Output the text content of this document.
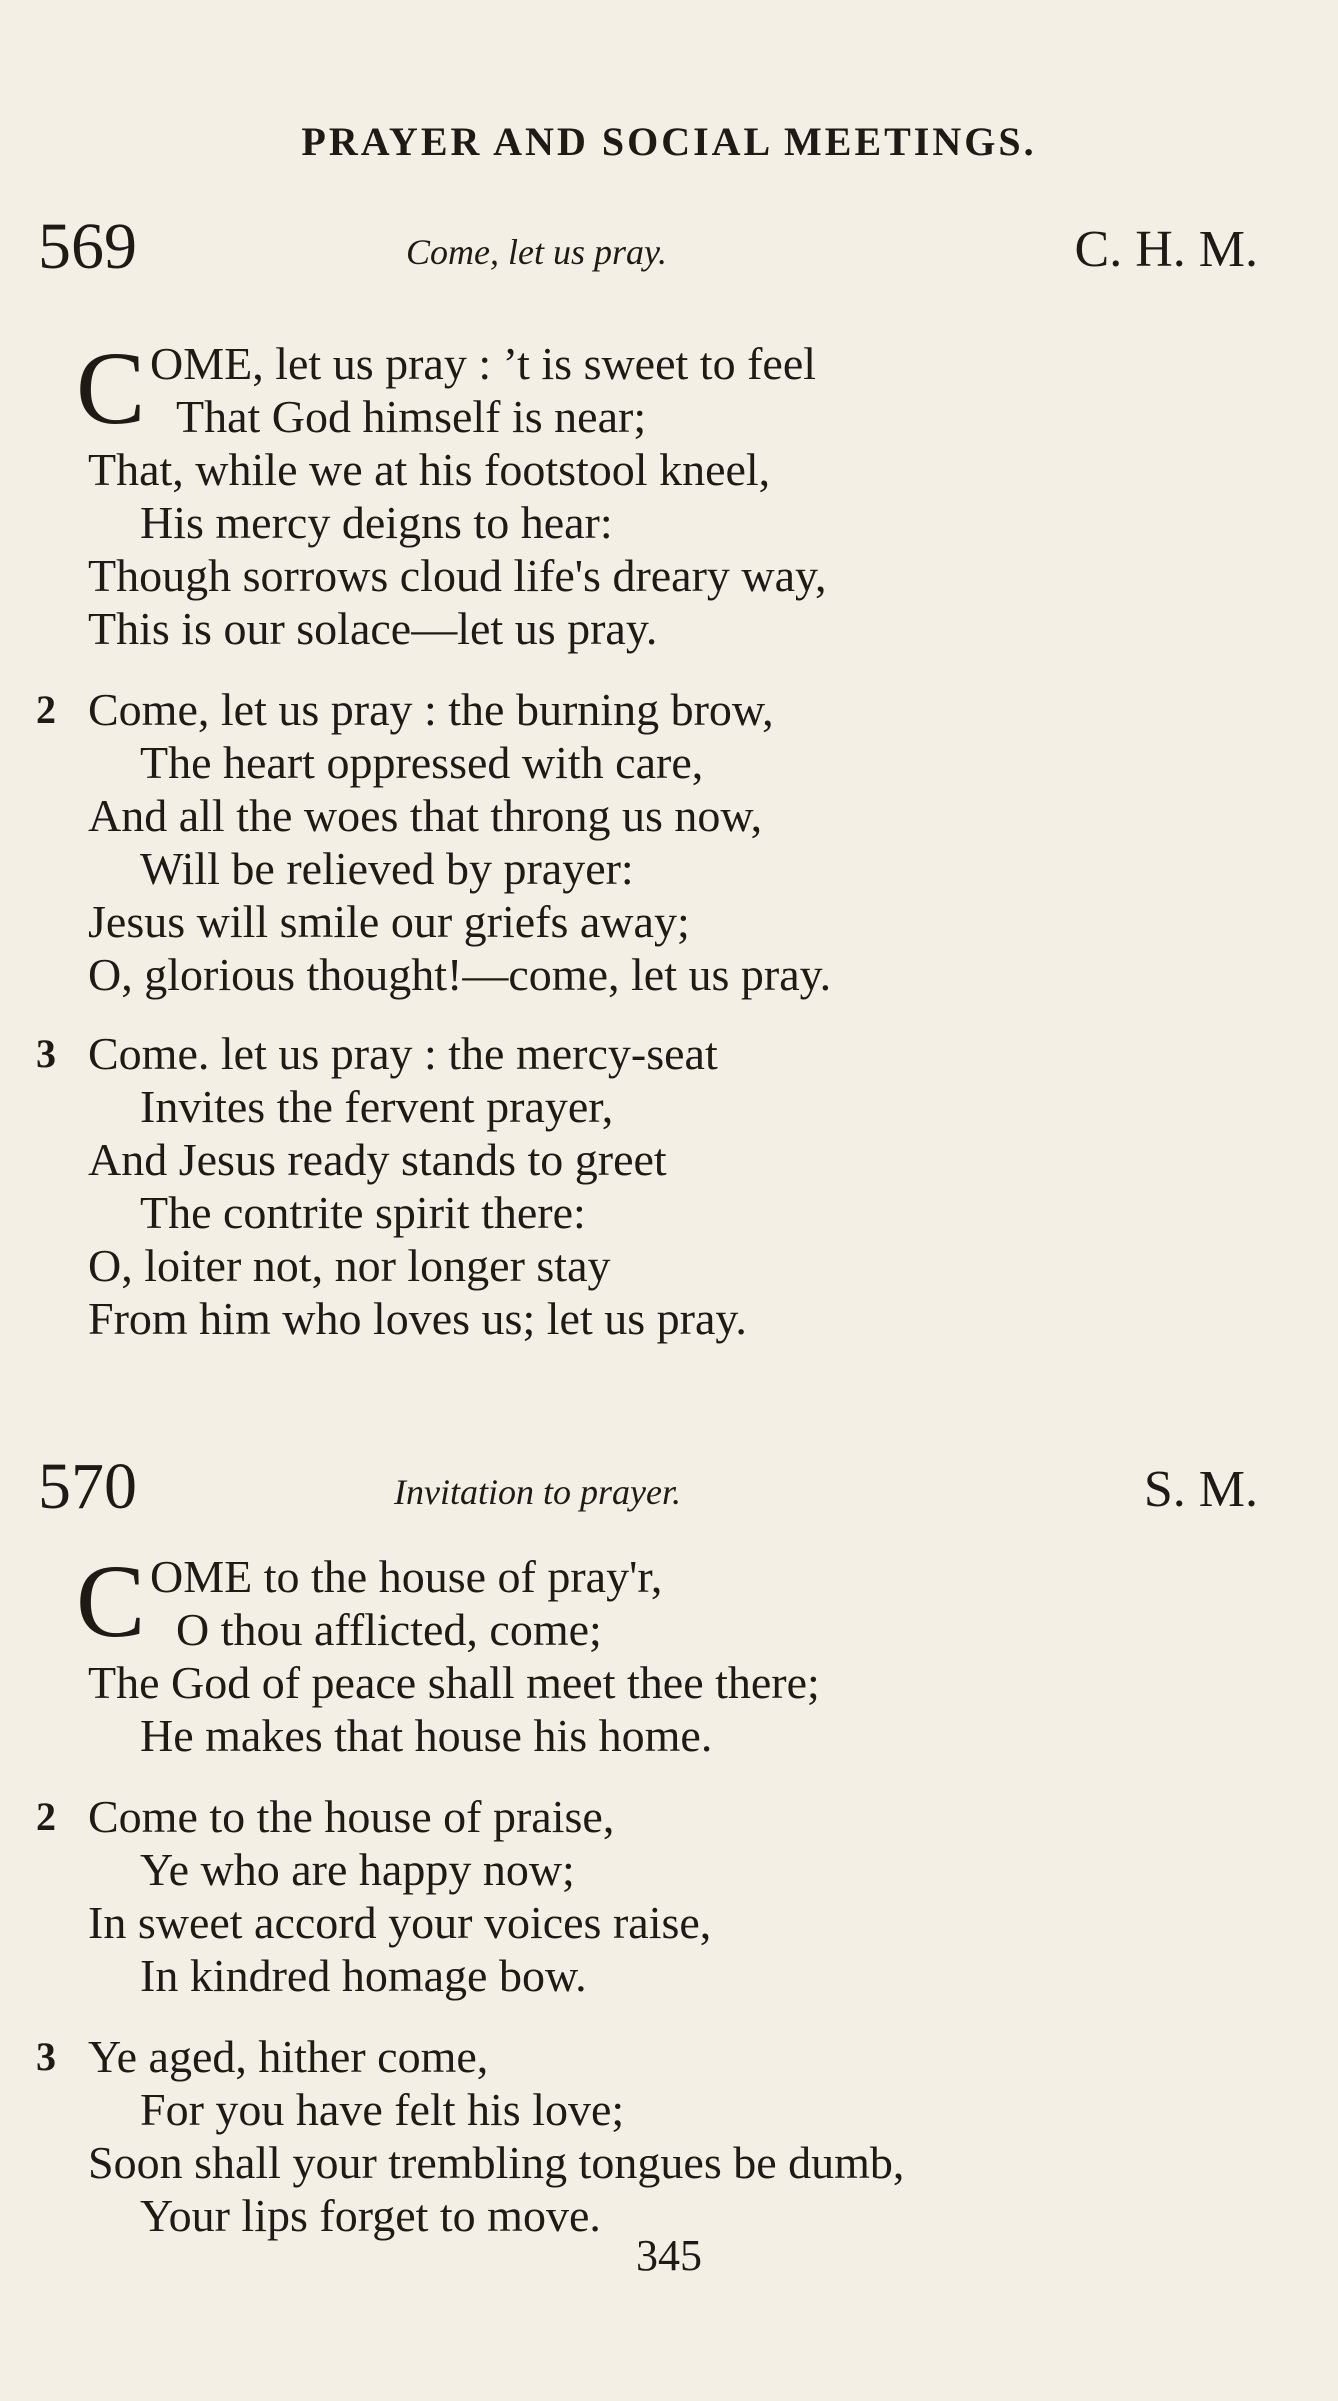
PRAYER AND SOCIAL MEETINGS.
569	Come, let us pray.	C. H. M.
C OME, let us pray : ’t is sweet to feel
That God himself is near;
That, while we at his footstool kneel,
His mercy deigns to hear:
Though sorrows cloud life's dreary way,
This is our solace—let us pray.
2 Come, let us pray : the burning brow,
The heart oppressed with care,
And all the woes that throng us now,
Will be relieved by prayer:
Jesus will smile our griefs away;
O, glorious thought!—come, let us pray.
3 Come. let us pray : the mercy-seat
Invites the fervent prayer,
And Jesus ready stands to greet
The contrite spirit there:
O, loiter not, nor longer stay
From him who loves us; let us pray.
570	Invitation to prayer.	S. M.
C OME to the house of pray'r,
O thou afflicted, come;
The God of peace shall meet thee there;
He makes that house his home.
2 Come to the house of praise,
Ye who are happy now;
In sweet accord your voices raise,
In kindred homage bow.
3 Ye aged, hither come,
For you have felt his love;
Soon shall your trembling tongues be dumb,
Your lips forget to move.
345
